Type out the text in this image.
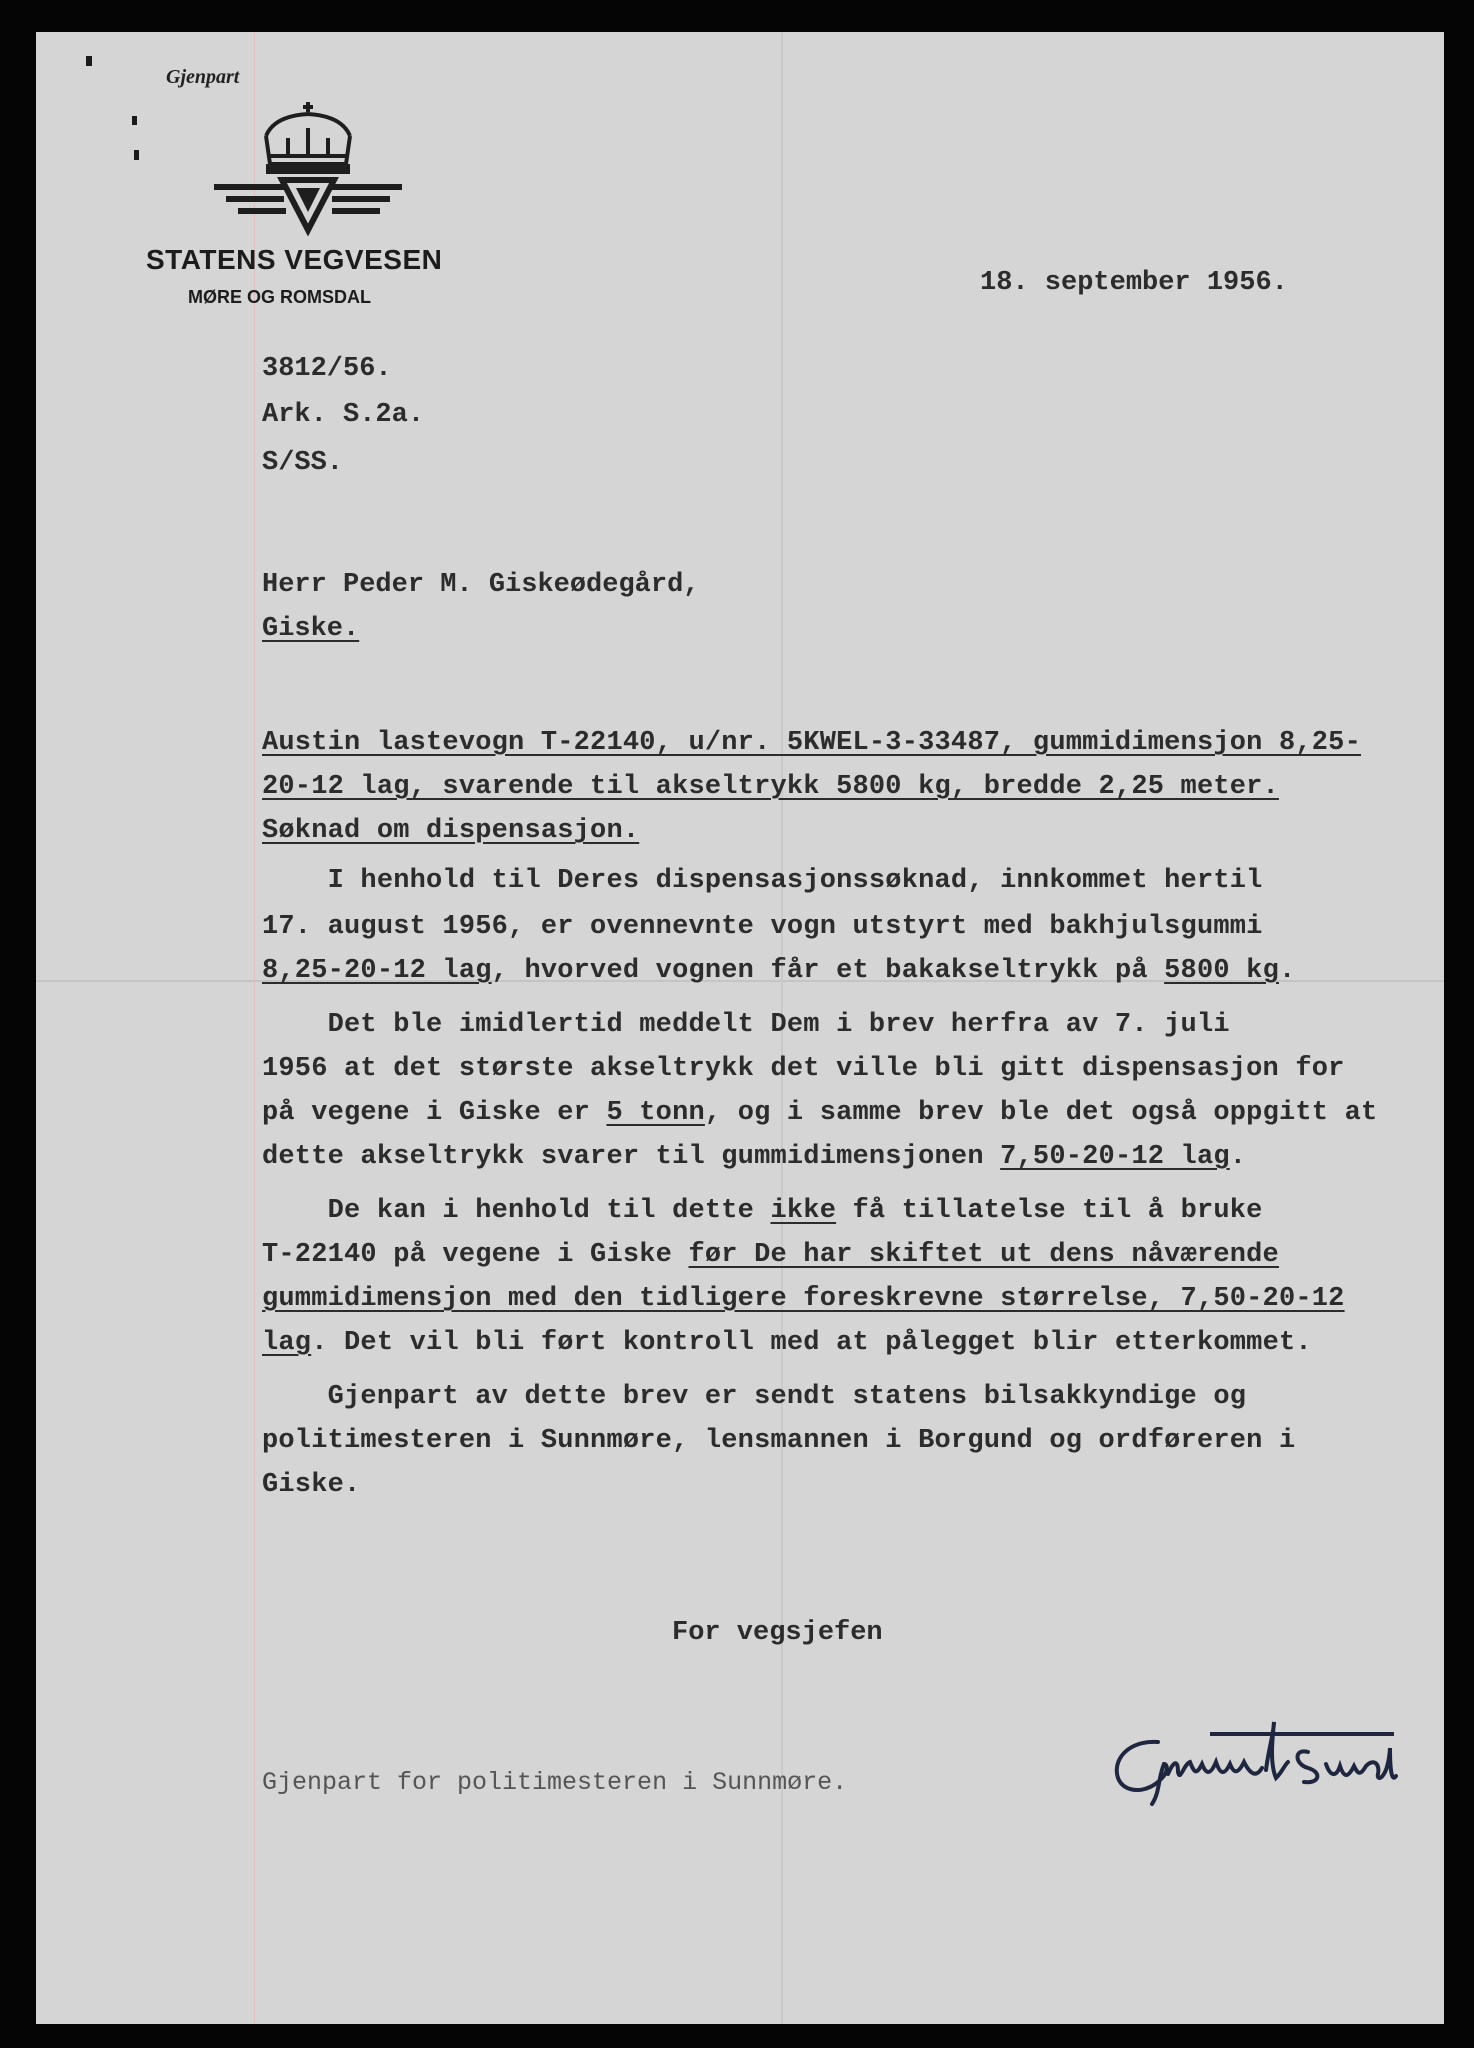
Gjenpart
STATENS VEGVESEN
MØRE OG ROMSDAL	18. september 1956.
3812/56.
Ark. S.2a.
S/SS.
Herr Peder M. Giskeødegård,
Giske.
Austin lastevogn T-22140, u/nr. 5KWEL-3-33487, gummidimensjon 8,25-
20-12 lag, svarende til akseltrykk 5800 kg, bredde 2,25 meter.
Søknad om dispensasjon.
I henhold til Deres dispensasjonssøknad, innkommet hertil
17. august 1956, er ovennevnte vogn utstyrt med bakhjulsgummi
8,25-20-12 lag, hvorved vognen får et bakakseltrykk på 5800 kg.
Det ble imidlertid meddelt Dem i brev herfra av 7. juli
1956 at det største akseltrykk det ville bli gitt dispensasjon for
på vegene i Giske er 5 tonn, og i samme brev ble det også oppgitt at
dette akseltrykk svarer til gummidimensjonen 7,50-20-12 lag.
De kan i henhold til dette ikke få tillatelse til å bruke
T-22140 på vegene i Giske før De har skiftet ut dens nåværende
gummidimensjon med den tidligere foreskrevne størrelse, 7,50-20-12
lag. Det vil bli ført kontroll med at pålegget blir etterkommet.
Gjenpart av dette brev er sendt statens bilsakkyndige og
politimesteren i Sunnmøre, lensmannen i Borgund og ordføreren i
Giske.
For vegsjefen
Gjenpart for politimesteren i Sunnmøre.
